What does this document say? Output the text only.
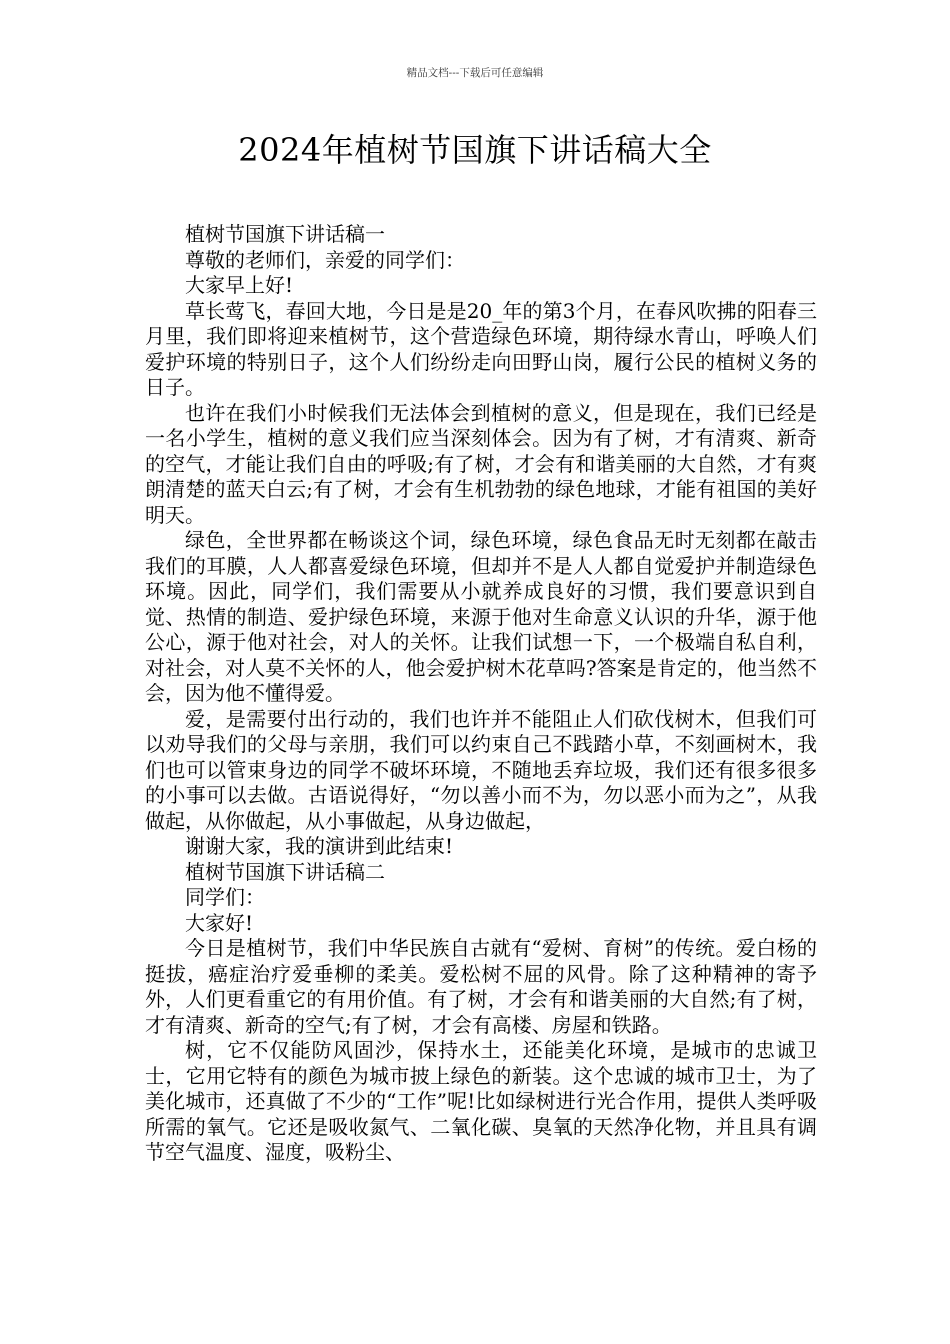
精品文档---下载后可任意编辑
2024年植树节国旗下讲话稿大全

植树节国旗下讲话稿一

尊敬的老师们，亲爱的同学们：

大家早上好!

草长莺飞，春回大地，今日是是20_年的第3个月，在春风吹拂的阳春三月里，我们即将迎来植树节，这个营造绿色环境，期待绿水青山，呼唤人们爱护环境的特别日子，这个人们纷纷走向田野山岗，履行公民的植树义务的日子。

也许在我们小时候我们无法体会到植树的意义，但是现在，我们已经是一名小学生，植树的意义我们应当深刻体会。因为有了树，才有清爽、新奇的空气，才能让我们自由的呼吸;有了树，才会有和谐美丽的大自然，才有爽朗清楚的蓝天白云;有了树，才会有生机勃勃的绿色地球，才能有祖国的美好明天。

绿色，全世界都在畅谈这个词，绿色环境，绿色食品无时无刻都在敲击我们的耳膜，人人都喜爱绿色环境，但却并不是人人都自觉爱护并制造绿色环境。因此，同学们，我们需要从小就养成良好的习惯，我们要意识到自觉、热情的制造、爱护绿色环境，来源于他对生命意义认识的升华，源于他公心，源于他对社会，对人的关怀。让我们试想一下，一个极端自私自利，对社会，对人莫不关怀的人，他会爱护树木花草吗?答案是肯定的，他当然不会，因为他不懂得爱。

爱，是需要付出行动的，我们也许并不能阻止人们砍伐树木，但我们可以劝导我们的父母与亲朋，我们可以约束自己不践踏小草，不刻画树木，我们也可以管束身边的同学不破坏环境，不随地丢弃垃圾，我们还有很多很多的小事可以去做。古语说得好，“勿以善小而不为，勿以恶小而为之”，从我做起，从你做起，从小事做起，从身边做起，

谢谢大家，我的演讲到此结束!

植树节国旗下讲话稿二

同学们：

大家好!

今日是植树节，我们中华民族自古就有“爱树、育树”的传统。爱白杨的挺拔，癌症治疗爱垂柳的柔美。爱松树不屈的风骨。除了这种精神的寄予外，人们更看重它的有用价值。有了树，才会有和谐美丽的大自然;有了树，才有清爽、新奇的空气;有了树，才会有高楼、房屋和铁路。

树，它不仅能防风固沙，保持水土，还能美化环境，是城市的忠诚卫士，它用它特有的颜色为城市披上绿色的新装。这个忠诚的城市卫士，为了美化城市，还真做了不少的“工作”呢!比如绿树进行光合作用，提供人类呼吸所需的氧气。它还是吸收氮气、二氧化碳、臭氧的天然净化物，并且具有调节空气温度、湿度，吸粉尘、
